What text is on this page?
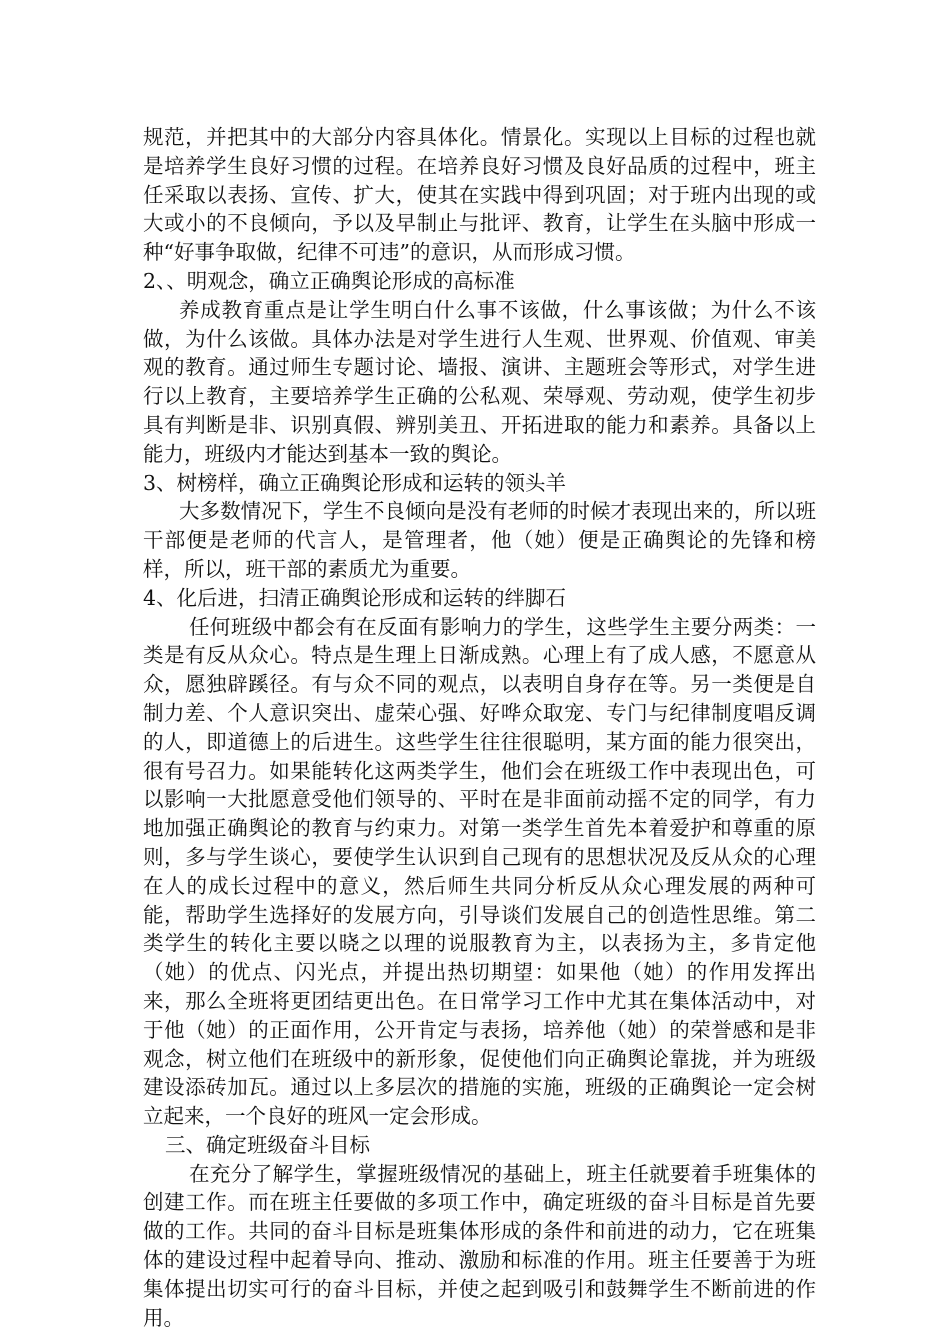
规范，并把其中的大部分内容具体化。情景化。实现以上目标的过程也就是培养学生良好习惯的过程。在培养良好习惯及良好品质的过程中，班主任采取以表扬、宣传、扩大，使其在实践中得到巩固；对于班内出现的或大或小的不良倾向，予以及早制止与批评、教育，让学生在头脑中形成一种“好事争取做，纪律不可违”的意识，从而形成习惯。

2、、明观念，确立正确舆论形成的高标准

养成教育重点是让学生明白什么事不该做，什么事该做；为什么不该做，为什么该做。具体办法是对学生进行人生观、世界观、价值观、审美观的教育。通过师生专题讨论、墙报、演讲、主题班会等形式，对学生进行以上教育，主要培养学生正确的公私观、荣辱观、劳动观，使学生初步具有判断是非、识别真假、辨别美丑、开拓进取的能力和素养。具备以上能力，班级内才能达到基本一致的舆论。

3、树榜样，确立正确舆论形成和运转的领头羊

大多数情况下，学生不良倾向是没有老师的时候才表现出来的，所以班干部便是老师的代言人，是管理者，他（她）便是正确舆论的先锋和榜样，所以，班干部的素质尤为重要。

4、化后进，扫清正确舆论形成和运转的绊脚石

任何班级中都会有在反面有影响力的学生，这些学生主要分两类：一类是有反从众心。特点是生理上日渐成熟。心理上有了成人感，不愿意从众，愿独辟蹊径。有与众不同的观点，以表明自身存在等。另一类便是自制力差、个人意识突出、虚荣心强、好哗众取宠、专门与纪律制度唱反调的人，即道德上的后进生。这些学生往往很聪明，某方面的能力很突出，很有号召力。如果能转化这两类学生，他们会在班级工作中表现出色，可以影响一大批愿意受他们领导的、平时在是非面前动摇不定的同学，有力地加强正确舆论的教育与约束力。对第一类学生首先本着爱护和尊重的原则，多与学生谈心，要使学生认识到自己现有的思想状况及反从众的心理在人的成长过程中的意义，然后师生共同分析反从众心理发展的两种可能，帮助学生选择好的发展方向，引导谈们发展自己的创造性思维。第二类学生的转化主要以晓之以理的说服教育为主，以表扬为主，多肯定他（她）的优点、闪光点，并提出热切期望：如果他（她）的作用发挥出来，那么全班将更团结更出色。在日常学习工作中尤其在集体活动中，对于他（她）的正面作用，公开肯定与表扬，培养他（她）的荣誉感和是非观念，树立他们在班级中的新形象，促使他们向正确舆论靠拢，并为班级建设添砖加瓦。通过以上多层次的措施的实施，班级的正确舆论一定会树立起来，一个良好的班风一定会形成。

三、确定班级奋斗目标

在充分了解学生，掌握班级情况的基础上，班主任就要着手班集体的创建工作。而在班主任要做的多项工作中，确定班级的奋斗目标是首先要做的工作。共同的奋斗目标是班集体形成的条件和前进的动力，它在班集体的建设过程中起着导向、推动、激励和标准的作用。班主任要善于为班集体提出切实可行的奋斗目标，并使之起到吸引和鼓舞学生不断前进的作用。
